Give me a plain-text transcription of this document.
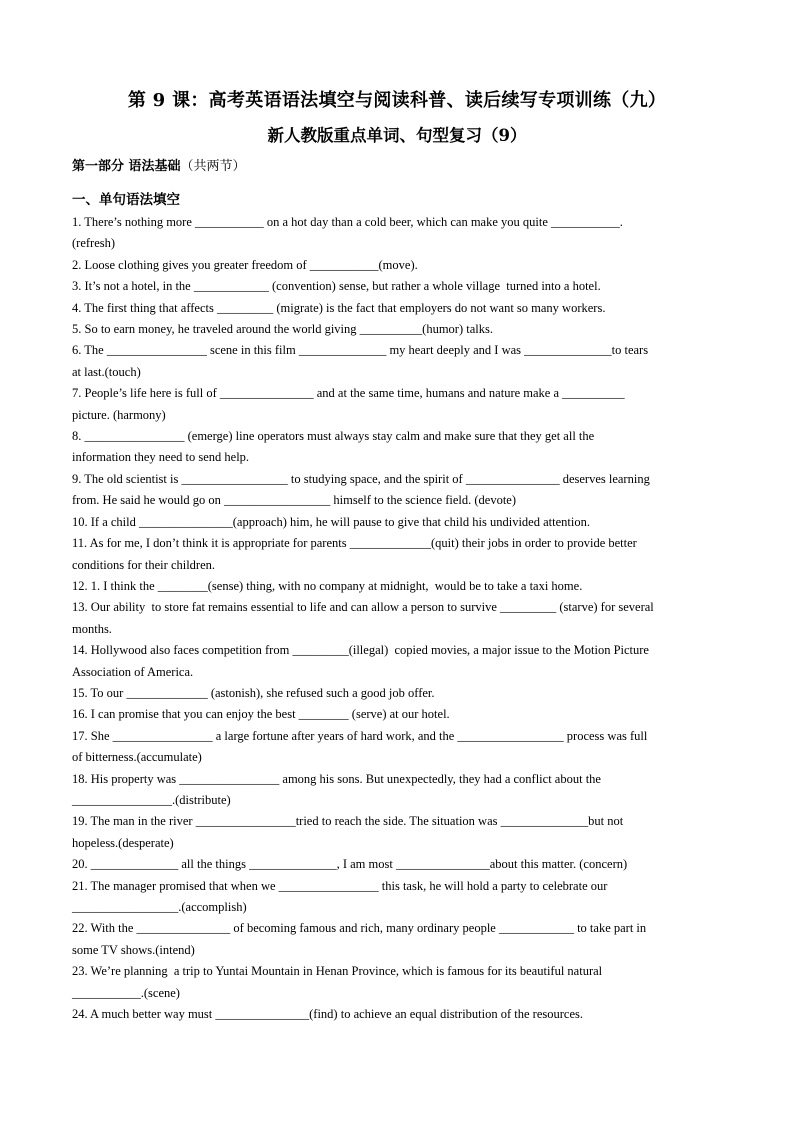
第 9 课：高考英语语法填空与阅读科普、读后续写专项训练（九）
新人教版重点单词、句型复习（9）
第一部分 语法基础（共两节）
一、单句语法填空
1. There’s nothing more ___________ on a hot day than a cold beer, which can make you quite ___________.
(refresh)
2. Loose clothing gives you greater freedom of ___________(move).
3. It’s not a hotel, in the ____________ (convention) sense, but rather a whole village  turned into a hotel.
4. The first thing that affects _________ (migrate) is the fact that employers do not want so many workers.
5. So to earn money, he traveled around the world giving __________(humor) talks.
6. The ________________ scene in this film ______________ my heart deeply and I was ______________to tears
at last.(touch)
7. People’s life here is full of _______________ and at the same time, humans and nature make a __________
picture. (harmony)
8. ________________ (emerge) line operators must always stay calm and make sure that they get all the
information they need to send help.
9. The old scientist is _________________ to studying space, and the spirit of _______________ deserves learning
from. He said he would go on _________________ himself to the science field. (devote)
10. If a child _______________(approach) him, he will pause to give that child his undivided attention.
11. As for me, I don’t think it is appropriate for parents _____________(quit) their jobs in order to provide better
conditions for their children.
12. 1. I think the ________(sense) thing, with no company at midnight,  would be to take a taxi home.
13. Our ability  to store fat remains essential to life and can allow a person to survive _________ (starve) for several
months.
14. Hollywood also faces competition from _________(illegal)  copied movies, a major issue to the Motion Picture
Association of America.
15. To our _____________ (astonish), she refused such a good job offer.
16. I can promise that you can enjoy the best ________ (serve) at our hotel.
17. She ________________ a large fortune after years of hard work, and the _________________ process was full
of bitterness.(accumulate)
18. His property was ________________ among his sons. But unexpectedly, they had a conflict about the
________________.(distribute)
19. The man in the river ________________tried to reach the side. The situation was ______________but not
hopeless.(desperate)
20. ______________ all the things ______________, I am most _______________about this matter. (concern)
21. The manager promised that when we ________________ this task, he will hold a party to celebrate our
_________________.(accomplish)
22. With the _______________ of becoming famous and rich, many ordinary people ____________ to take part in
some TV shows.(intend)
23. We’re planning  a trip to Yuntai Mountain in Henan Province, which is famous for its beautiful natural
___________.(scene)
24. A much better way must _______________(find) to achieve an equal distribution of the resources.
